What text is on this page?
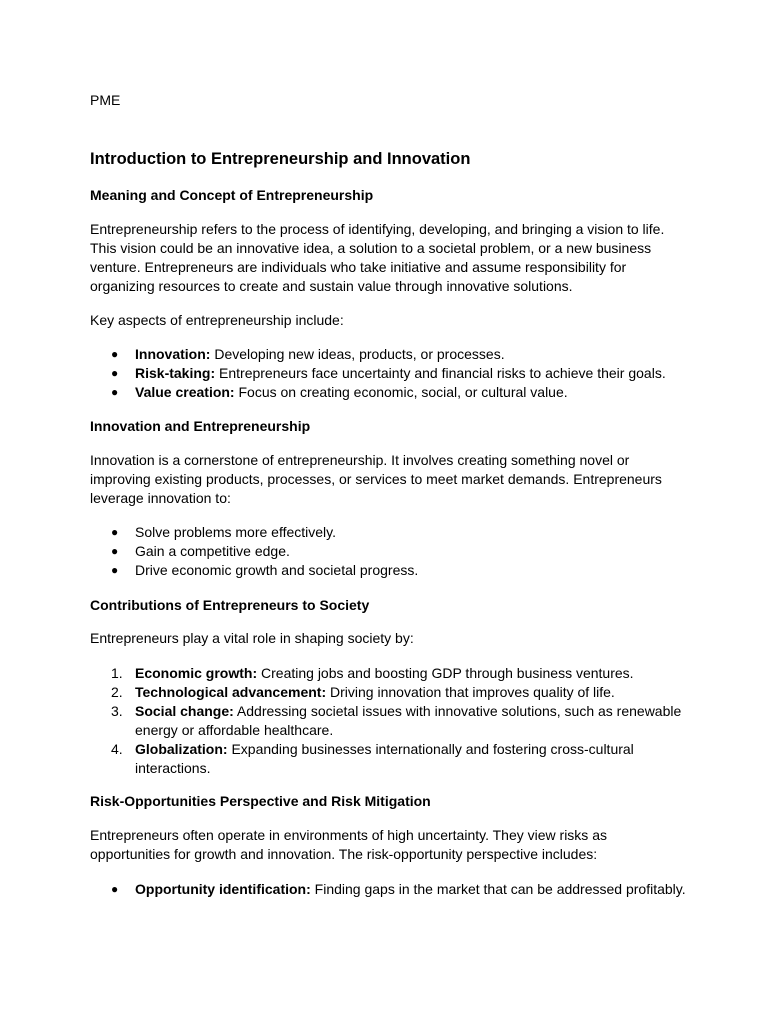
PME

Introduction to Entrepreneurship and Innovation
Meaning and Concept of Entrepreneurship

Entrepreneurship refers to the process of identifying, developing, and bringing a vision to life. This vision could be an innovative idea, a solution to a societal problem, or a new business venture. Entrepreneurs are individuals who take initiative and assume responsibility for organizing resources to create and sustain value through innovative solutions.

Key aspects of entrepreneurship include:

● Innovation: Developing new ideas, products, or processes.
● Risk-taking: Entrepreneurs face uncertainty and financial risks to achieve their goals.
● Value creation: Focus on creating economic, social, or cultural value.
Innovation and Entrepreneurship

Innovation is a cornerstone of entrepreneurship. It involves creating something novel or improving existing products, processes, or services to meet market demands. Entrepreneurs leverage innovation to:

● Solve problems more effectively.
● Gain a competitive edge.
● Drive economic growth and societal progress.
Contributions of Entrepreneurs to Society

Entrepreneurs play a vital role in shaping society by:

1. Economic growth: Creating jobs and boosting GDP through business ventures.
2. Technological advancement: Driving innovation that improves quality of life.
3. Social change: Addressing societal issues with innovative solutions, such as renewable energy or affordable healthcare.
4. Globalization: Expanding businesses internationally and fostering cross-cultural interactions.
Risk-Opportunities Perspective and Risk Mitigation

Entrepreneurs often operate in environments of high uncertainty. They view risks as opportunities for growth and innovation. The risk-opportunity perspective includes:

● Opportunity identification: Finding gaps in the market that can be addressed profitably.
